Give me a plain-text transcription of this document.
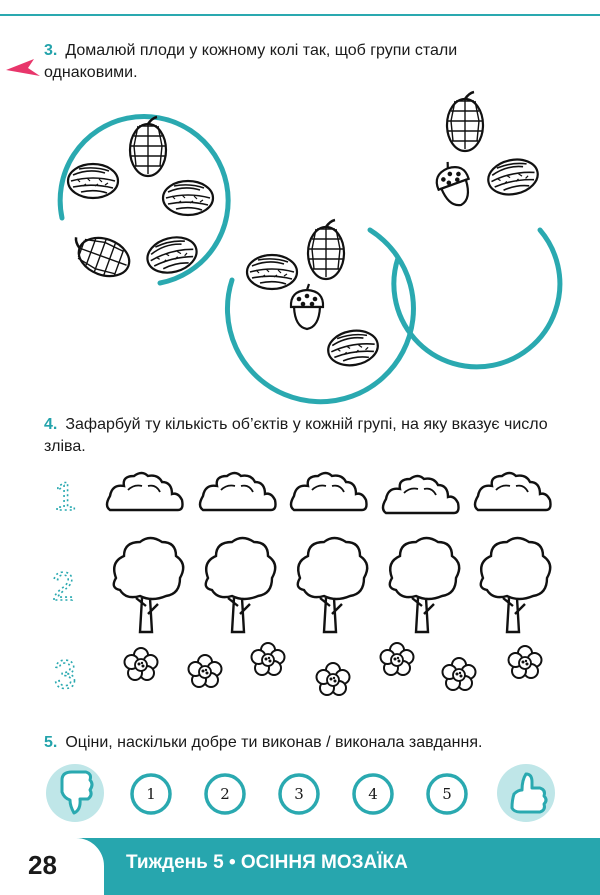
3. Домалюй плоди у кожному колі так, щоб групи стали однаковими.
4. Зафарбуй ту кількість об’єктів у кожній групі, на яку вказує число зліва.
5. Оціни, наскільки добре ти виконав / виконала завдання.
1
2
3
1	2	3	4	5
28	Тиждень 5 • ОСІННЯ МОЗАЇКА
